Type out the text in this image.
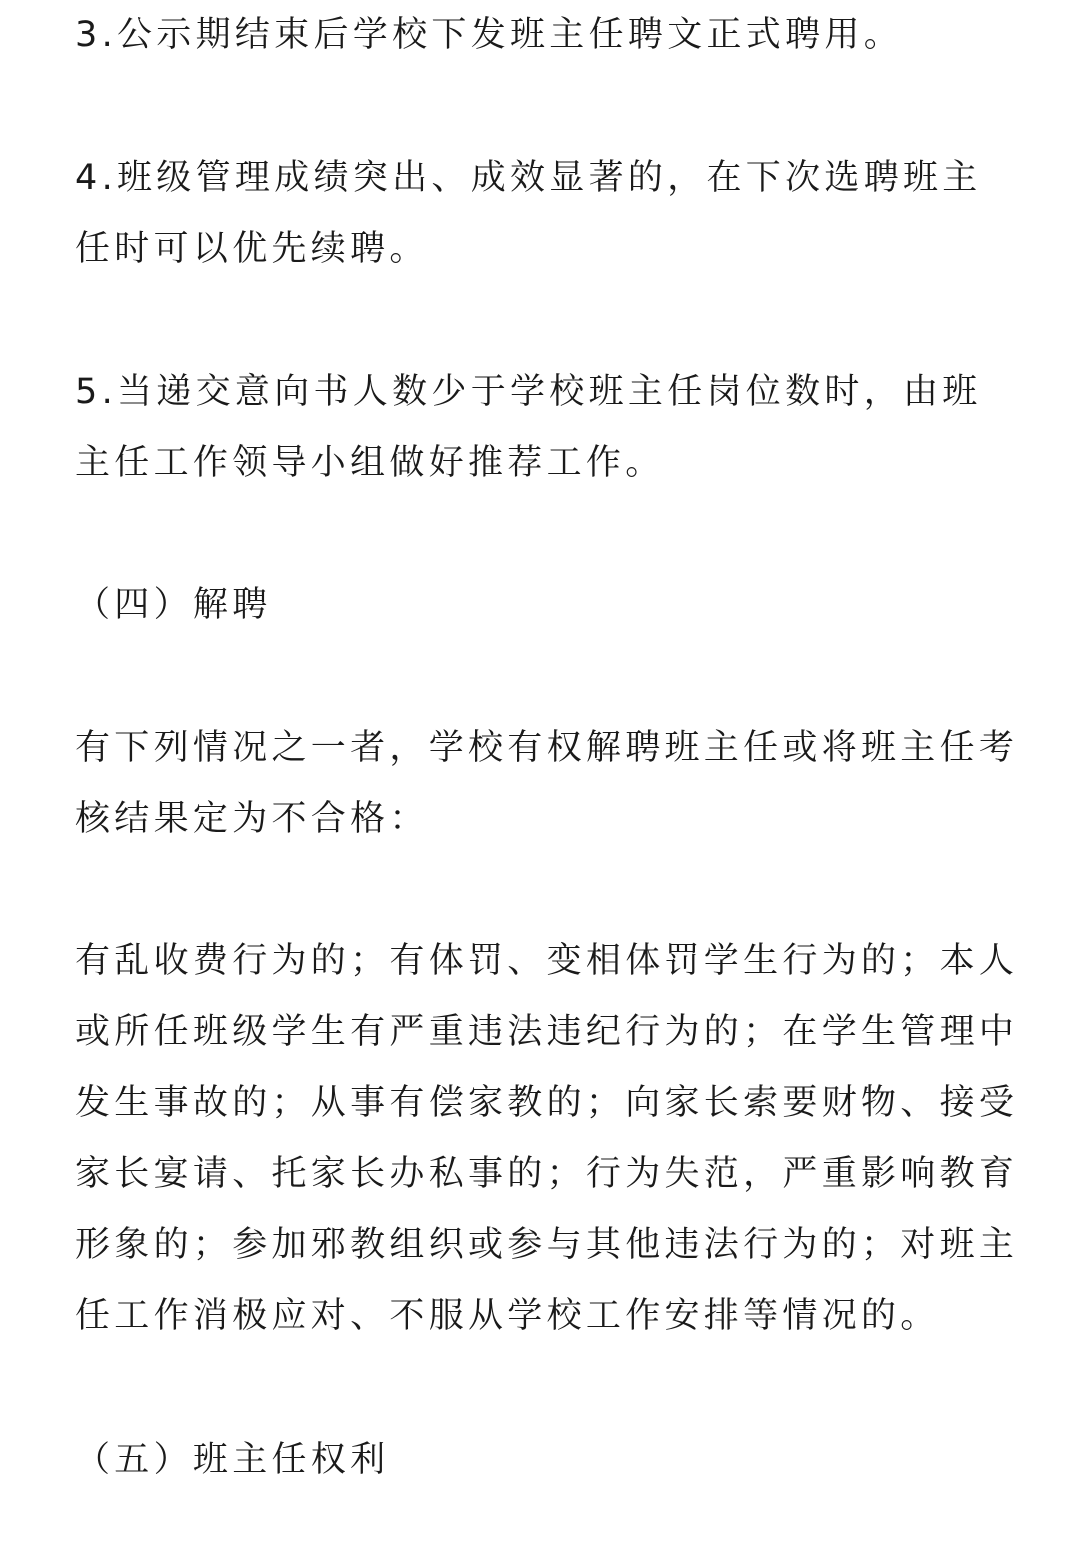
3.公示期结束后学校下发班主任聘文正式聘用。

4.班级管理成绩突出、成效显著的，在下次选聘班主任时可以优先续聘。

5.当递交意向书人数少于学校班主任岗位数时，由班主任工作领导小组做好推荐工作。

（四）解聘

有下列情况之一者，学校有权解聘班主任或将班主任考核结果定为不合格：

有乱收费行为的；有体罚、变相体罚学生行为的；本人或所任班级学生有严重违法违纪行为的；在学生管理中发生事故的；从事有偿家教的；向家长索要财物、接受家长宴请、托家长办私事的；行为失范，严重影响教育形象的；参加邪教组织或参与其他违法行为的；对班主任工作消极应对、不服从学校工作安排等情况的。

（五）班主任权利
